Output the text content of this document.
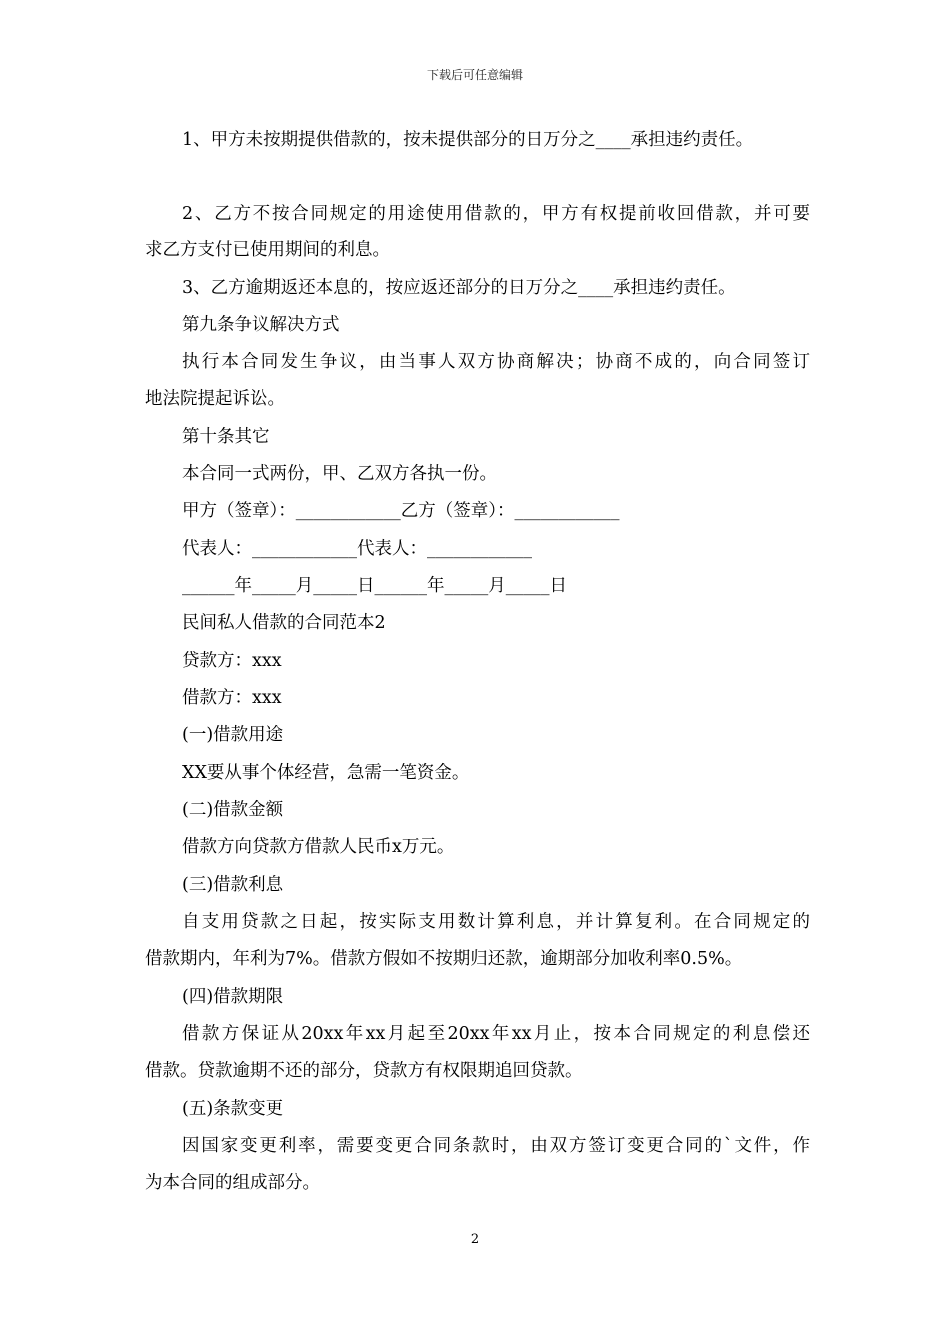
下载后可任意编辑
1、甲方未按期提供借款的，按未提供部分的日万分之____承担违约责任。
2、乙方不按合同规定的用途使用借款的，甲方有权提前收回借款，并可要
求乙方支付已使用期间的利息。
3、乙方逾期返还本息的，按应返还部分的日万分之____承担违约责任。
第九条争议解决方式
执行本合同发生争议，由当事人双方协商解决；协商不成的，向合同签订
地法院提起诉讼。
第十条其它
本合同一式两份，甲、乙双方各执一份。
甲方（签章）：____________乙方（签章）：____________
代表人：____________代表人：____________
______年_____月_____日______年_____月_____日
民间私人借款的合同范本2
贷款方：xxx
借款方：xxx
(一)借款用途
XX要从事个体经营，急需一笔资金。
(二)借款金额
借款方向贷款方借款人民币x万元。
(三)借款利息
自支用贷款之日起，按实际支用数计算利息，并计算复利。在合同规定的
借款期内，年利为7%。借款方假如不按期归还款，逾期部分加收利率0.5%。
(四)借款期限
借款方保证从20xx年xx月起至20xx年xx月止，按本合同规定的利息偿还
借款。贷款逾期不还的部分，贷款方有权限期追回贷款。
(五)条款变更
因国家变更利率，需要变更合同条款时，由双方签订变更合同的`文件，作
为本合同的组成部分。
2
